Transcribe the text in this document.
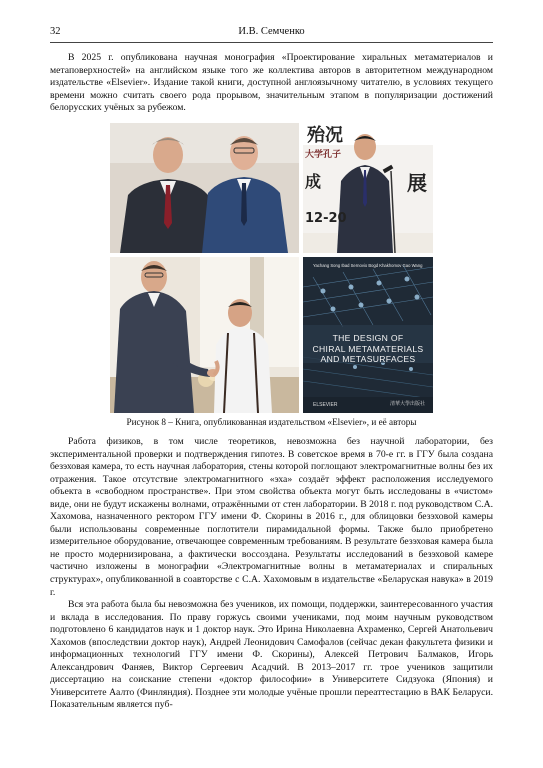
32	И.В. Семченко

В 2025 г. опубликована научная монография «Проектирование хиральных метаматериалов и метаповерхностей» на английском языке того же коллектива авторов в авторитетном международном издательстве «Elsevier». Издание такой книги, доступной англоязычному читателю, в условиях текущего времени можно считать своего рода прорывом, значительным этапом в популяризации достижений белорусских учёных за рубежом.

殆况
大学孔子
成	展
12-20
Yachang Song Ibad Sernovio Bogd Khakhomov Gao Wang
THE DESIGN OF
CHIRAL METAMATERIALS
AND METASURFACES
ELSEVIER	清華大學出版社
Рисунок 8 – Книга, опубликованная издательством «Elsevier», и её авторы

Работа физиков, в том числе теоретиков, невозможна без научной лаборатории, без экспериментальной проверки и подтверждения гипотез. В советское время в 70-е гг. в ГГУ была создана безэховая камера, то есть научная лаборатория, стены которой поглощают электромагнитные волны без их отражения. Такое отсутствие электромагнитного «эха» создаёт эффект расположения исследуемого объекта в «свободном пространстве». При этом свойства объекта могут быть исследованы в «чистом» виде, они не будут искажены волнами, отражёнными от стен лаборатории. В 2018 г. под руководством С.А. Хахомова, назначенного ректором ГГУ имени Ф. Скорины в 2016 г., для облицовки безэховой камеры были использованы современные поглотители пирамидальной формы. Также было приобретено измерительное оборудование, отвечающее современным требованиям. В результате безэховая камера была не просто модернизирована, а фактически воссоздана. Результаты исследований в безэховой камере частично изложены в монографии «Электромагнитные волны в метаматериалах и спиральных структурах», опубликованной в соавторстве с С.А. Хахомовым в издательстве «Беларуская навука» в 2019 г.

Вся эта работа была бы невозможна без учеников, их помощи, поддержки, заинтересованного участия и вклада в исследования. По праву горжусь своими учениками, под моим научным руководством подготовлено 6 кандидатов наук и 1 доктор наук. Это Ирина Николаевна Ахраменко, Сергей Анатольевич Хахомов (впоследствии доктор наук), Андрей Леонидович Самофалов (сейчас декан факультета физики и информационных технологий ГГУ имени Ф. Скорины), Алексей Петрович Балмаков, Игорь Александрович Фаняев, Виктор Сергеевич Асадчий. В 2013–2017 гг. трое учеников защитили диссертацию на соискание степени «доктор философии» в Университете Сидзуока (Япония) и Университете Аалто (Финляндия). Позднее эти молодые учёные прошли переаттестацию в ВАК Беларуси. Показательным является пуб-
